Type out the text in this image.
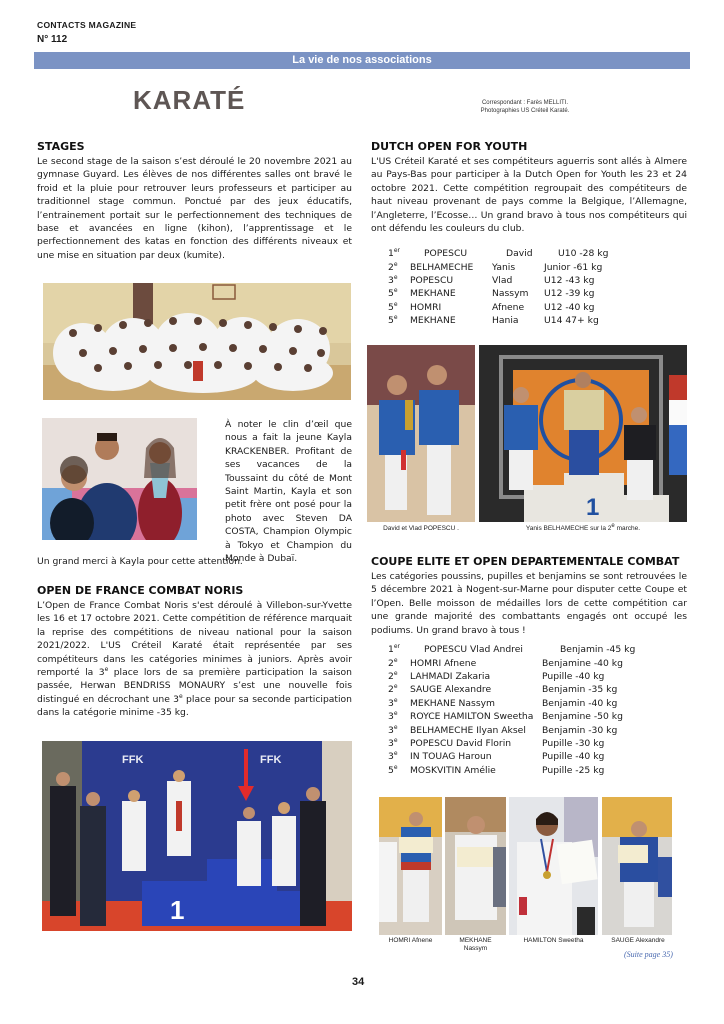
CONTACTS MAGAZINE
N° 112
La vie de nos associations
KARATÉ	Correspondant : Farès MELLITI.
Photographies US Créteil Karaté.
STAGES
Le second stage de la saison s’est déroulé le 20 novembre 2021 au gymnase Guyard. Les élèves de nos différentes salles ont bravé le froid et la pluie pour retrouver leurs professeurs et participer au traditionnel stage commun. Ponctué par des jeux éducatifs, l’entrainement portait sur le perfectionnement des techniques de base et avancées en ligne (kihon), l’apprentissage et le perfectionnement des katas en fonction des différents niveaux et une mise en situation par deux (kumite).
À noter le clin d’œil que nous a fait la jeune Kayla KRACKENBER. Profitant de ses vacances de la Toussaint du côté de Mont Saint Martin, Kayla et son petit frère ont posé pour la photo avec Steven DA COSTA, Champion Olympic à Tokyo et Champion du Monde à Dubaï.
Un grand merci à Kayla pour cette attention.
OPEN DE FRANCE COMBAT NORIS
L’Open de France Combat Noris s'est déroulé à Villebon-sur-Yvette les 16 et 17 octobre 2021. Cette compétition de référence marquait la reprise des compétitions de niveau national pour la saison 2021/2022. L'US Créteil Karaté était représentée par ses compétiteurs dans les catégories minimes à juniors. Après avoir remporté la 3e place lors de sa première participation la saison passée, Herwan BENDRISS MONAURY s’est une nouvelle fois distingué en décrochant une 3e place pour sa seconde participation dans la catégorie minime -35 kg.
FFK	FFK
1
DUTCH OPEN FOR YOUTH
L'US Créteil Karaté et ses compétiteurs aguerris sont allés à Almere au Pays-Bas pour participer à la Dutch Open for Youth les 23 et 24 octobre 2021. Cette compétition regroupait des compétiteurs de haut niveau provenant de pays comme la Belgique, l’Allemagne, l’Angleterre, l’Ecosse… Un grand bravo à tous nos compétiteurs qui ont défendu les couleurs du club.
1er	POPESCU	David	U10 -28 kg
2e	BELHAMECHE	Yanis	Junior -61 kg
3e	POPESCU	Vlad	U12 -43 kg
5e	MEKHANE	Nassym	U12 -39 kg
5e	HOMRI	Afnene	U12 -40 kg
5e	MEKHANE	Hania	U14 47+ kg
1
David et Vlad POPESCU .	Yanis BELHAMECHE sur la 2e marche.
COUPE ELITE ET OPEN DEPARTEMENTALE COMBAT
Les catégories poussins, pupilles et benjamins se sont retrouvées le 5 décembre 2021 à Nogent-sur-Marne pour disputer cette Coupe et l’Open. Belle moisson de médailles lors de cette compétition car une grande majorité des combattants engagés ont occupé les podiums. Un grand bravo à tous !
1er	POPESCU Vlad Andrei	Benjamin -45 kg
2e	HOMRI Afnene	Benjamine -40 kg
2e	LAHMADI Zakaria	Pupille -40 kg
2e	SAUGE Alexandre	Benjamin -35 kg
3e	MEKHANE Nassym	Benjamin -40 kg
3e	ROYCE HAMILTON Sweetha	Benjamine -50 kg
3e	BELHAMECHE Ilyan Aksel	Benjamin -30 kg
3e	POPESCU David Florin	Pupille -30 kg
3e	IN TOUAG Haroun	Pupille -40 kg
5e	MOSKVITIN Amélie	Pupille -25 kg
HOMRI Afnene	MEKHANE Nassym
HAMILTON Sweetha	SAUGE Alexandre
(Suite page 35)
34
